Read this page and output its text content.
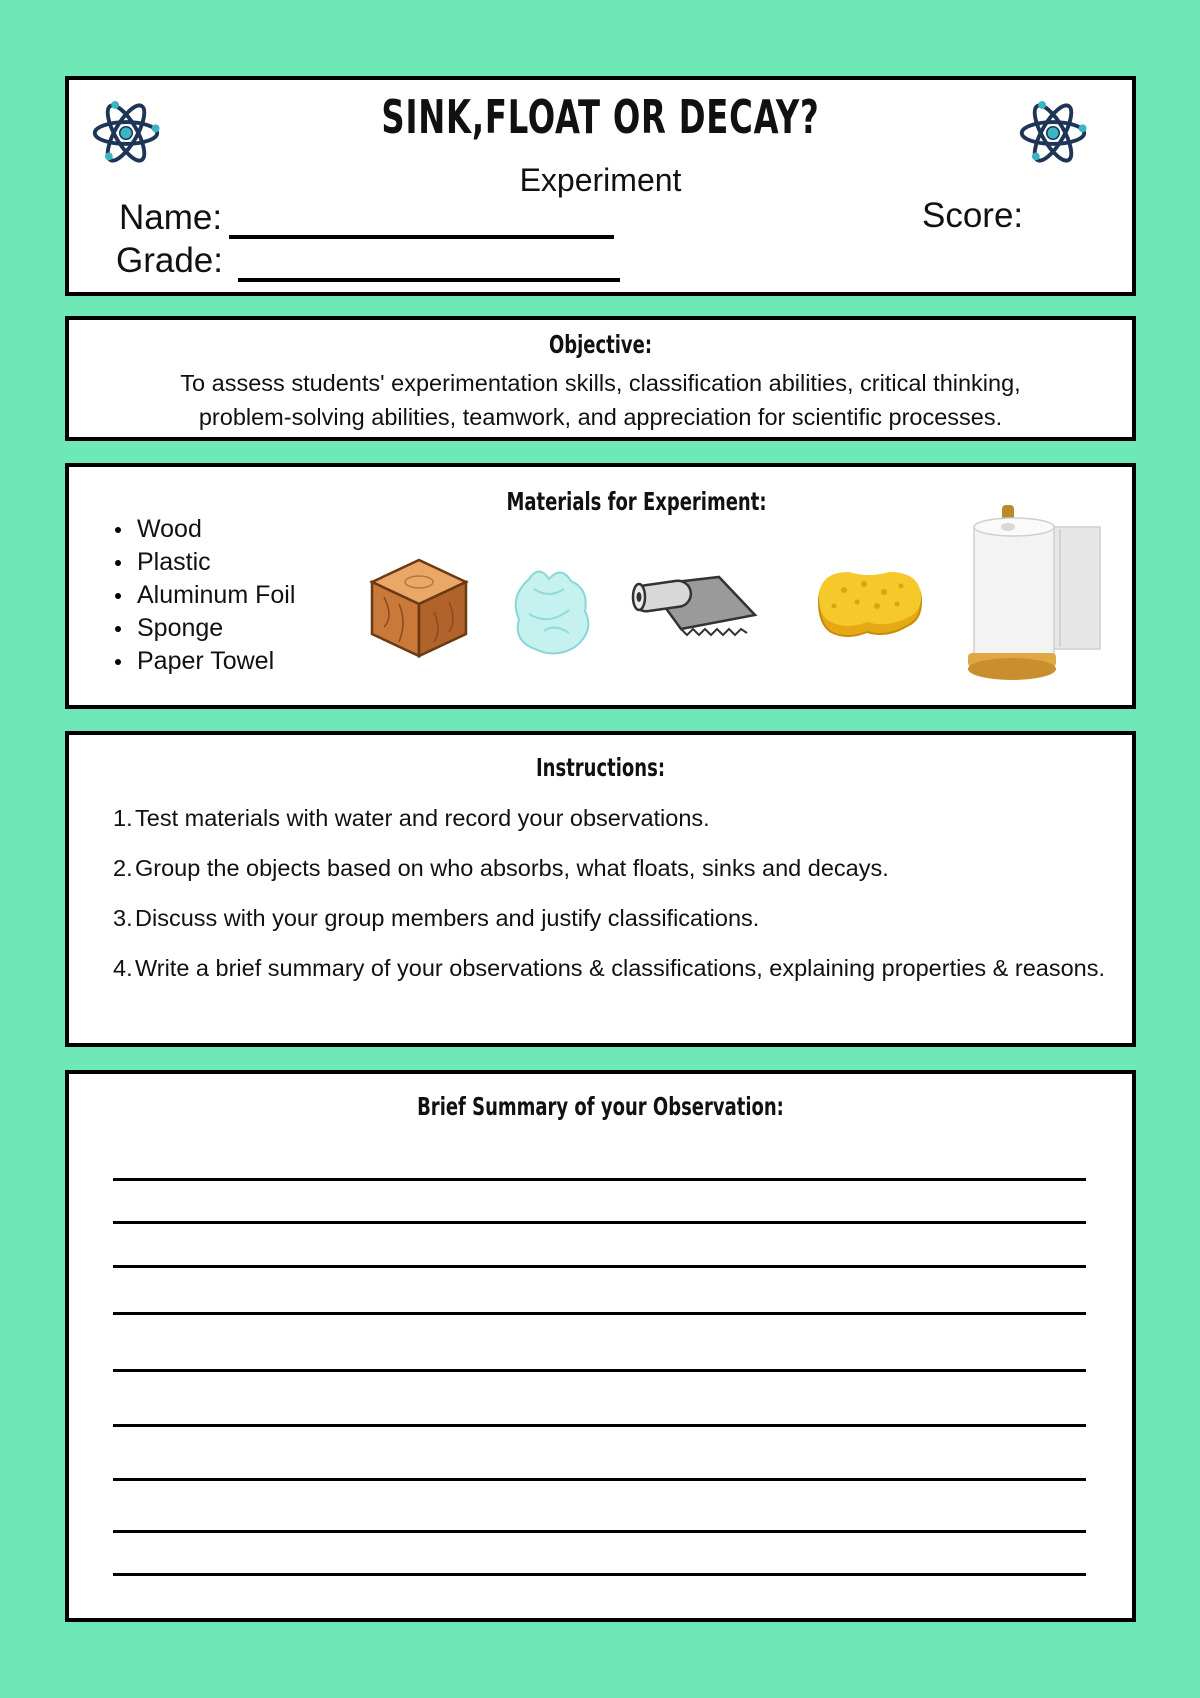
SINK,FLOAT OR DECAY?
Experiment
Name:
Grade:
Score:
Objective:
To assess students' experimentation skills, classification abilities, critical thinking,
problem-solving abilities, teamwork, and appreciation for scientific processes.
Materials for Experiment:
Wood
Plastic
Aluminum Foil
Sponge
Paper Towel
Instructions:
1. Test materials with water and record your observations.
2. Group the objects based on who absorbs, what floats, sinks and decays.
3. Discuss with your group members and justify classifications.
4. Write a brief summary of your observations & classifications, explaining properties & reasons.
Brief Summary of your Observation:
